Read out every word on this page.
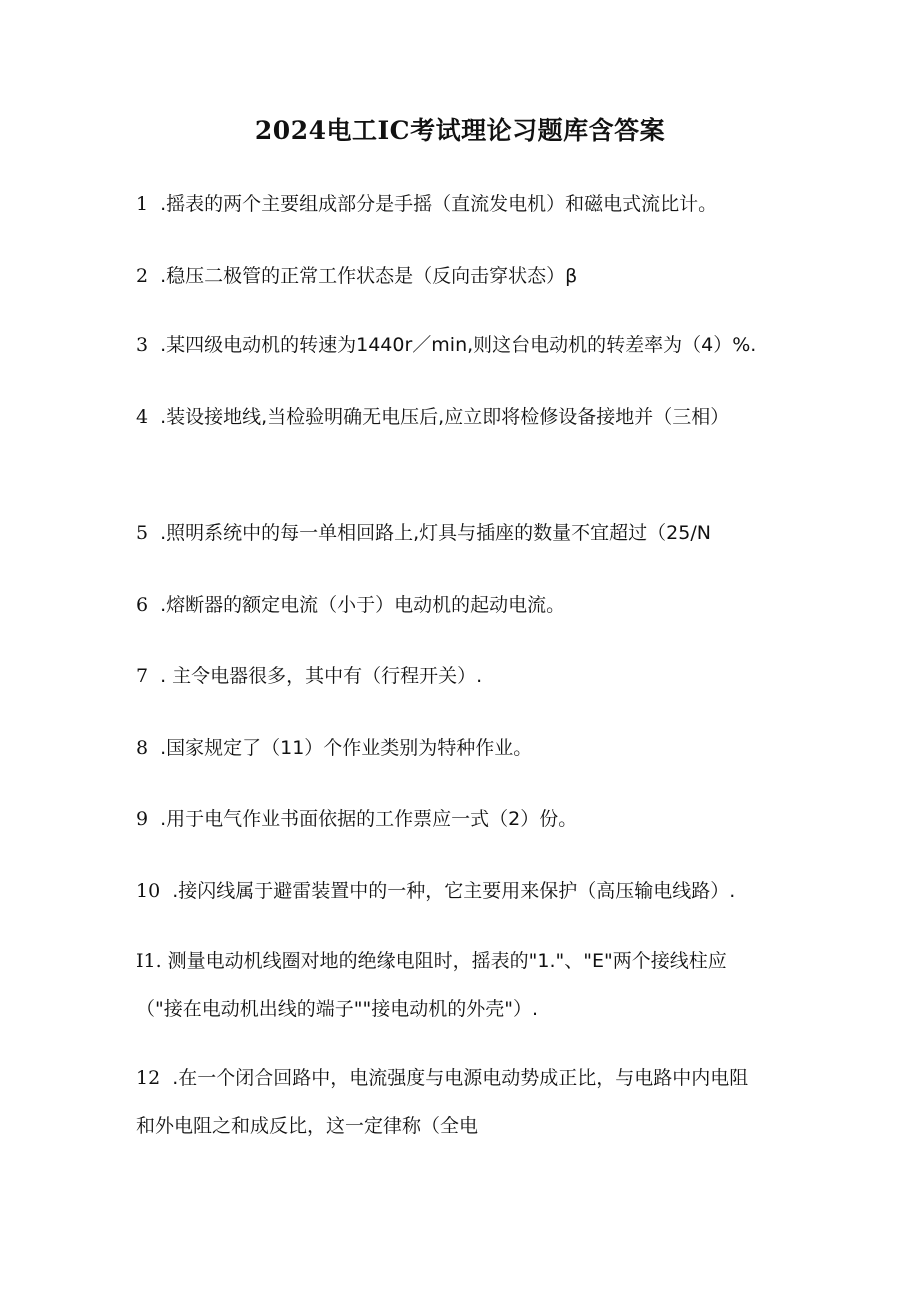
2024电工IC考试理论习题库含答案
1 .摇表的两个主要组成部分是手摇（直流发电机）和磁电式流比计。
2 .稳压二极管的正常工作状态是（反向击穿状态）β
3 .某四级电动机的转速为1440r／min,则这台电动机的转差率为（4）%.
4 .装设接地线,当检验明确无电压后,应立即将检修设备接地并（三相）
5 .照明系统中的每一单相回路上,灯具与插座的数量不宜超过（25/N
6 .熔断器的额定电流（小于）电动机的起动电流。
7 . 主令电器很多，其中有（行程开关）.
8 .国家规定了（11）个作业类别为特种作业。
9 .用于电气作业书面依据的工作票应一式（2）份。
10 .接闪线属于避雷装置中的一种，它主要用来保护（高压输电线路）.
I1. 测量电动机线圈对地的绝缘电阻时，摇表的"1."、"E"两个接线柱应
（"接在电动机出线的端子""接电动机的外壳"）.
12 .在一个闭合回路中，电流强度与电源电动势成正比，与电路中内电阻
和外电阻之和成反比，这一定律称（全电
